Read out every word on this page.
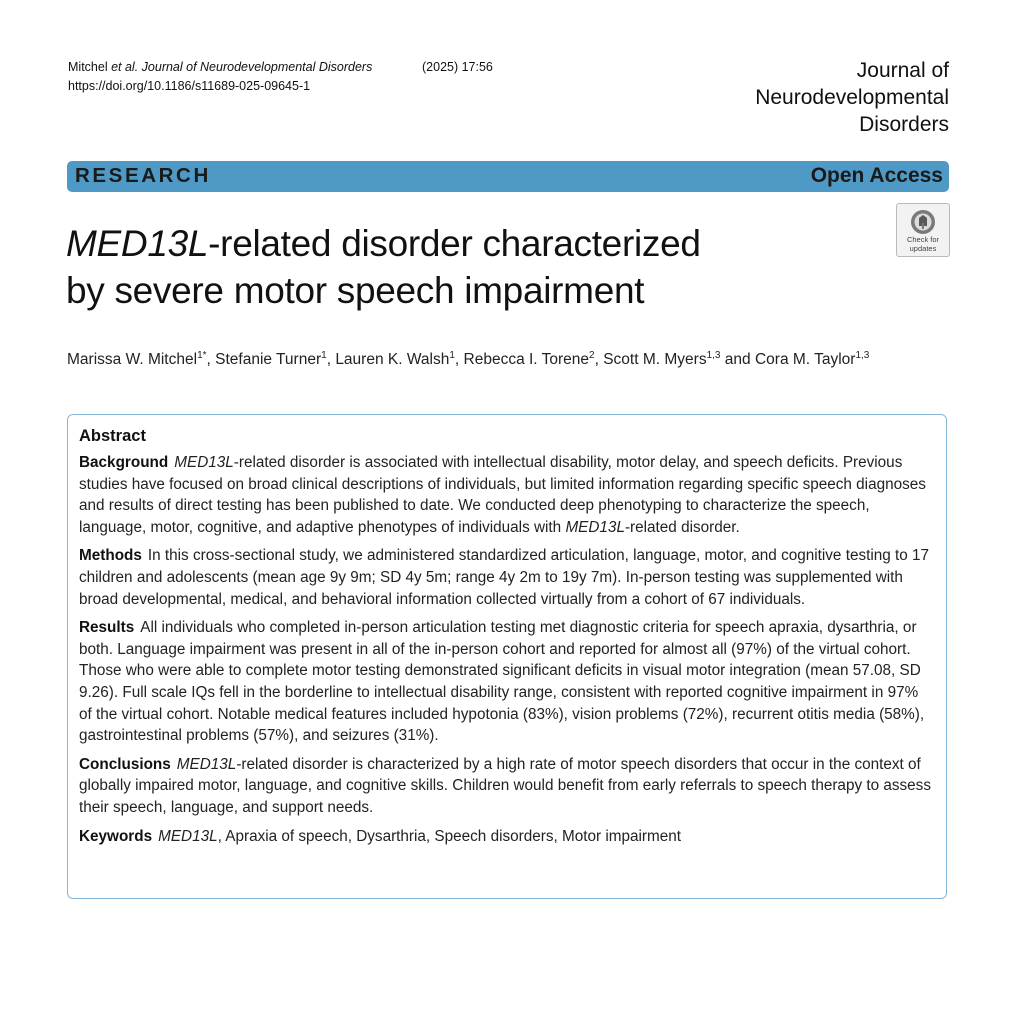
Mitchel et al. Journal of Neurodevelopmental Disorders	(2025) 17:56
https://doi.org/10.1186/s11689-025-09645-1
Journal of
Neurodevelopmental
Disorders
RESEARCH	Open Access
Check for
updates
MED13L-related disorder characterized
by severe motor speech impairment
Marissa W. Mitchel$^{1*}$, Stefanie Turner$^1$, Lauren K. Walsh$^1$, Rebecca I. Torene$^2$, Scott M. Myers$^{1,3}$ and Cora M. Taylor$^{1,3}$
Abstract

Background MED13L-related disorder is associated with intellectual disability, motor delay, and speech deficits. Previous studies have focused on broad clinical descriptions of individuals, but limited information regarding specific speech diagnoses and results of direct testing has been published to date. We conducted deep phenotyping to characterize the speech, language, motor, cognitive, and adaptive phenotypes of individuals with MED13L-related disorder.

Methods In this cross-sectional study, we administered standardized articulation, language, motor, and cognitive testing to 17 children and adolescents (mean age 9y 9m; SD 4y 5m; range 4y 2m to 19y 7m). In-person testing was supplemented with broad developmental, medical, and behavioral information collected virtually from a cohort of 67 individuals.

Results All individuals who completed in-person articulation testing met diagnostic criteria for speech apraxia, dysarthria, or both. Language impairment was present in all of the in-person cohort and reported for almost all (97%) of the virtual cohort. Those who were able to complete motor testing demonstrated significant deficits in visual motor integration (mean 57.08, SD 9.26). Full scale IQs fell in the borderline to intellectual disability range, consistent with reported cognitive impairment in 97% of the virtual cohort. Notable medical features included hypotonia (83%), vision problems (72%), recurrent otitis media (58%), gastrointestinal problems (57%), and seizures (31%).

Conclusions MED13L-related disorder is characterized by a high rate of motor speech disorders that occur in the context of globally impaired motor, language, and cognitive skills. Children would benefit from early referrals to speech therapy to assess their speech, language, and support needs.

Keywords MED13L, Apraxia of speech, Dysarthria, Speech disorders, Motor impairment
